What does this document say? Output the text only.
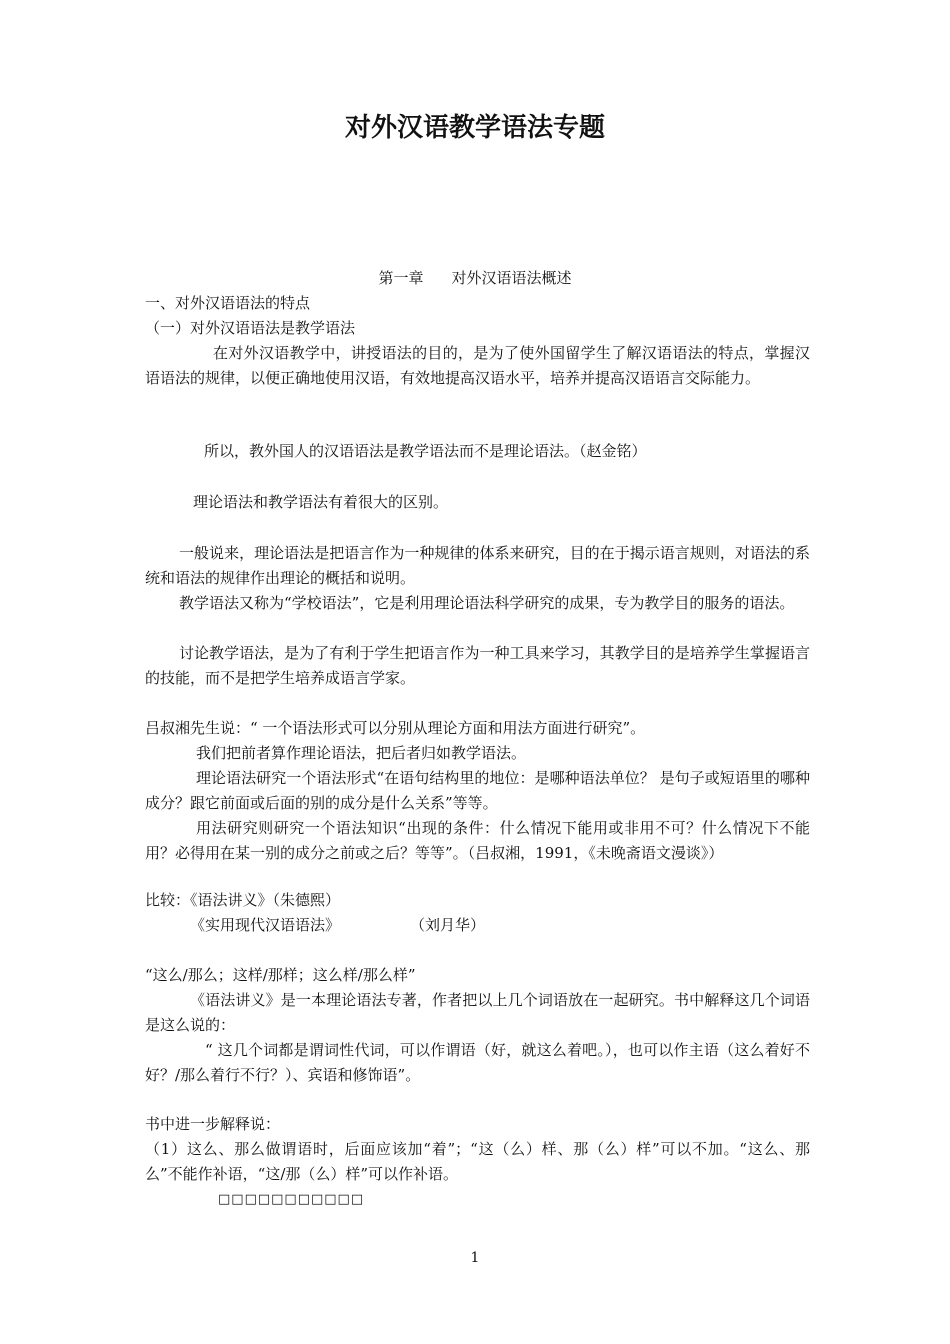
对外汉语教学语法专题

第一章 对外汉语语法概述

一、对外汉语语法的特点

（一）对外汉语语法是教学语法

在对外汉语教学中，讲授语法的目的，是为了使外国留学生了解汉语语法的特点，掌握汉语语法的规律，以便正确地使用汉语，有效地提高汉语水平，培养并提高汉语语言交际能力。

所以，教外国人的汉语语法是教学语法而不是理论语法。（赵金铭）

理论语法和教学语法有着很大的区别。

一般说来，理论语法是把语言作为一种规律的体系来研究，目的在于揭示语言规则，对语法的系统和语法的规律作出理论的概括和说明。

教学语法又称为“学校语法”，它是利用理论语法科学研究的成果，专为教学目的服务的语法。

讨论教学语法，是为了有利于学生把语言作为一种工具来学习，其教学目的是培养学生掌握语言的技能，而不是把学生培养成语言学家。

吕叔湘先生说：“ 一个语法形式可以分别从理论方面和用法方面进行研究”。

我们把前者算作理论语法，把后者归如教学语法。

理论语法研究一个语法形式“在语句结构里的地位：是哪种语法单位？ 是句子或短语里的哪种成分？跟它前面或后面的别的成分是什么关系”等等。

用法研究则研究一个语法知识“出现的条件：什么情况下能用或非用不可？什么情况下不能用？必得用在某一别的成分之前或之后？等等”。（吕叔湘，1991，《未晚斋语文漫谈》）

比较：《语法讲义》（朱德熙）

《实用现代汉语语法》	（刘月华）

“这么/那么；这样/那样；这么样/那么样”

《语法讲义》是一本理论语法专著，作者把以上几个词语放在一起研究。书中解释这几个词语是这么说的：

“ 这几个词都是谓词性代词，可以作谓语（好，就这么着吧。），也可以作主语（这么着好不好？/那么着行不行？）、宾语和修饰语”。

书中进一步解释说：

（1）这么、那么做谓语时，后面应该加“着”；“这（么）样、那（么）样”可以不加。“这么、那么”不能作补语，“这/那（么）样”可以作补语。

□□□□□□□□□□□

1
